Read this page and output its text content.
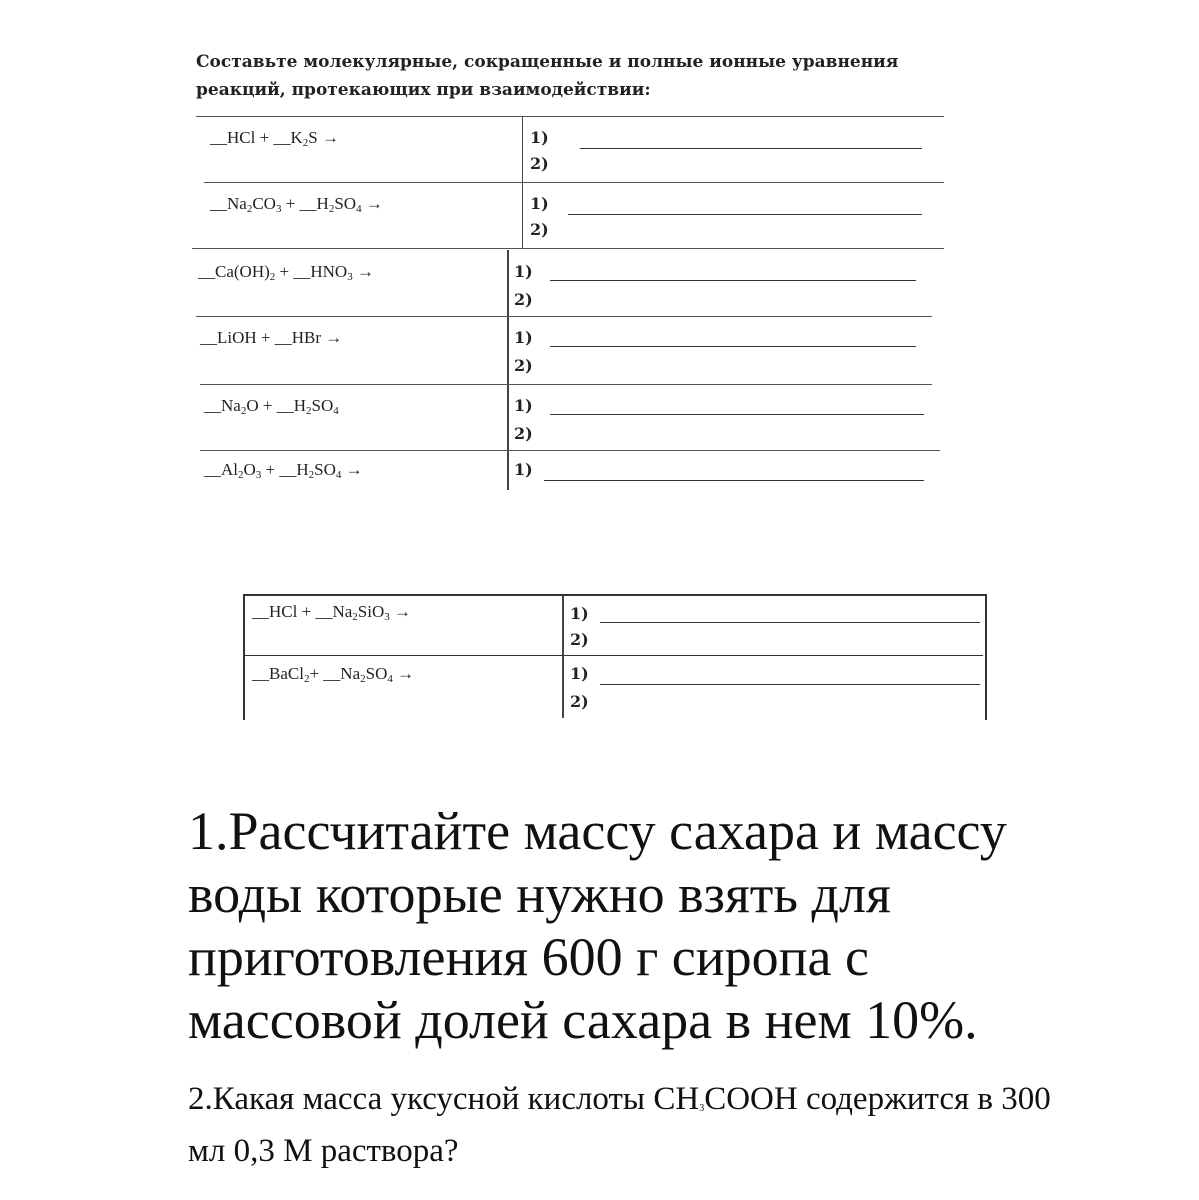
Составьте молекулярные, сокращенные и полные ионные уравнения реакций, протекающих при взаимодействии:

__HCl + $\_\_K_2S$ →	1)
2)
$\_\_Na_2CO_3$ + $\_\_H_2SO_4$ →	1)
2)
$\_\_Ca(OH)_2$ + $\_\_HNO_3$ →	1)
2)
__LiOH + __HBr →	1)
2)
$\_\_Na_2O$ + $\_\_H_2SO_4$	1)
2)
$\_\_Al_2O_3$ + $\_\_H_2SO_4$ →	1)
__HCl + $\_\_Na_2SiO_3$ →	1)
2)
__BaCl$_2$+ $\_\_Na_2SO_4$ →	1)
2)

1.Рассчитайте массу сахара и массу воды которые нужно взять для приготовления 600 г сиропа с массовой долей сахара в нем 10%.

2.Какая масса уксусной кислоты $CH_3COOH$ содержится в 300 мл 0,3 М раствора?
